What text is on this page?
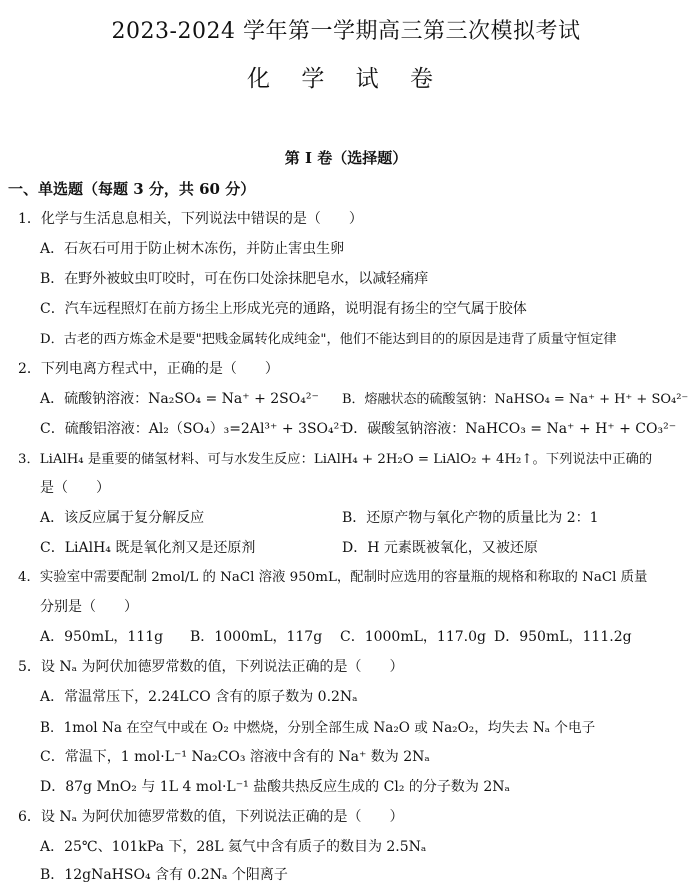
2023-2024 学年第一学期高三第三次模拟考试
化 学 试 卷
第 I 卷（选择题）
一、单选题（每题 3 分，共 60 分）
1．化学与生活息息相关，下列说法中错误的是（　　）
A．石灰石可用于防止树木冻伤，并防止害虫生卵
B．在野外被蚊虫叮咬时，可在伤口处涂抹肥皂水，以减轻痛痒
C．汽车远程照灯在前方扬尘上形成光亮的通路，说明混有扬尘的空气属于胶体
D．古老的西方炼金术是要"把贱金属转化成纯金"，他们不能达到目的的原因是违背了质量守恒定律
2．下列电离方程式中，正确的是（　　）
A．硫酸钠溶液：Na₂SO₄ = Na⁺ + 2SO₄²⁻ B．熔融状态的硫酸氢钠：NaHSO₄ = Na⁺ + H⁺ + SO₄²⁻
C．硫酸铝溶液：Al₂（SO₄）₃=2Al³⁺ + 3SO₄²⁻
D．碳酸氢钠溶液：NaHCO₃ = Na⁺ + H⁺ + CO₃²⁻
3．LiAlH₄ 是重要的储氢材料、可与水发生反应：LiAlH₄ + 2H₂O = LiAlO₂ + 4H₂↑。下列说法中正确的
是（　　）
A．该反应属于复分解反应	B．还原产物与氧化产物的质量比为 2：1
C．LiAlH₄ 既是氧化剂又是还原剂	D．H 元素既被氧化，又被还原
4．实验室中需要配制 2mol/L 的 NaCl 溶液 950mL，配制时应选用的容量瓶的规格和称取的 NaCl 质量
分别是（　　）
A．950mL，111g B．1000mL，117g C．1000mL，117.0g D．950mL，111.2g
5．设 Nₐ 为阿伏加德罗常数的值，下列说法正确的是（　　）
A．常温常压下，2.24LCO 含有的原子数为 0.2Nₐ
B．1mol Na 在空气中或在 O₂ 中燃烧，分别全部生成 Na₂O 或 Na₂O₂，均失去 Nₐ 个电子
C．常温下，1 mol·L⁻¹ Na₂CO₃ 溶液中含有的 Na⁺ 数为 2Nₐ
D．87g MnO₂ 与 1L 4 mol·L⁻¹ 盐酸共热反应生成的 Cl₂ 的分子数为 2Nₐ
6．设 Nₐ 为阿伏加德罗常数的值，下列说法正确的是（　　）
A．25℃、101kPa 下，28L 氦气中含有质子的数目为 2.5Nₐ
B．12gNaHSO₄ 含有 0.2Nₐ 个阳离子
